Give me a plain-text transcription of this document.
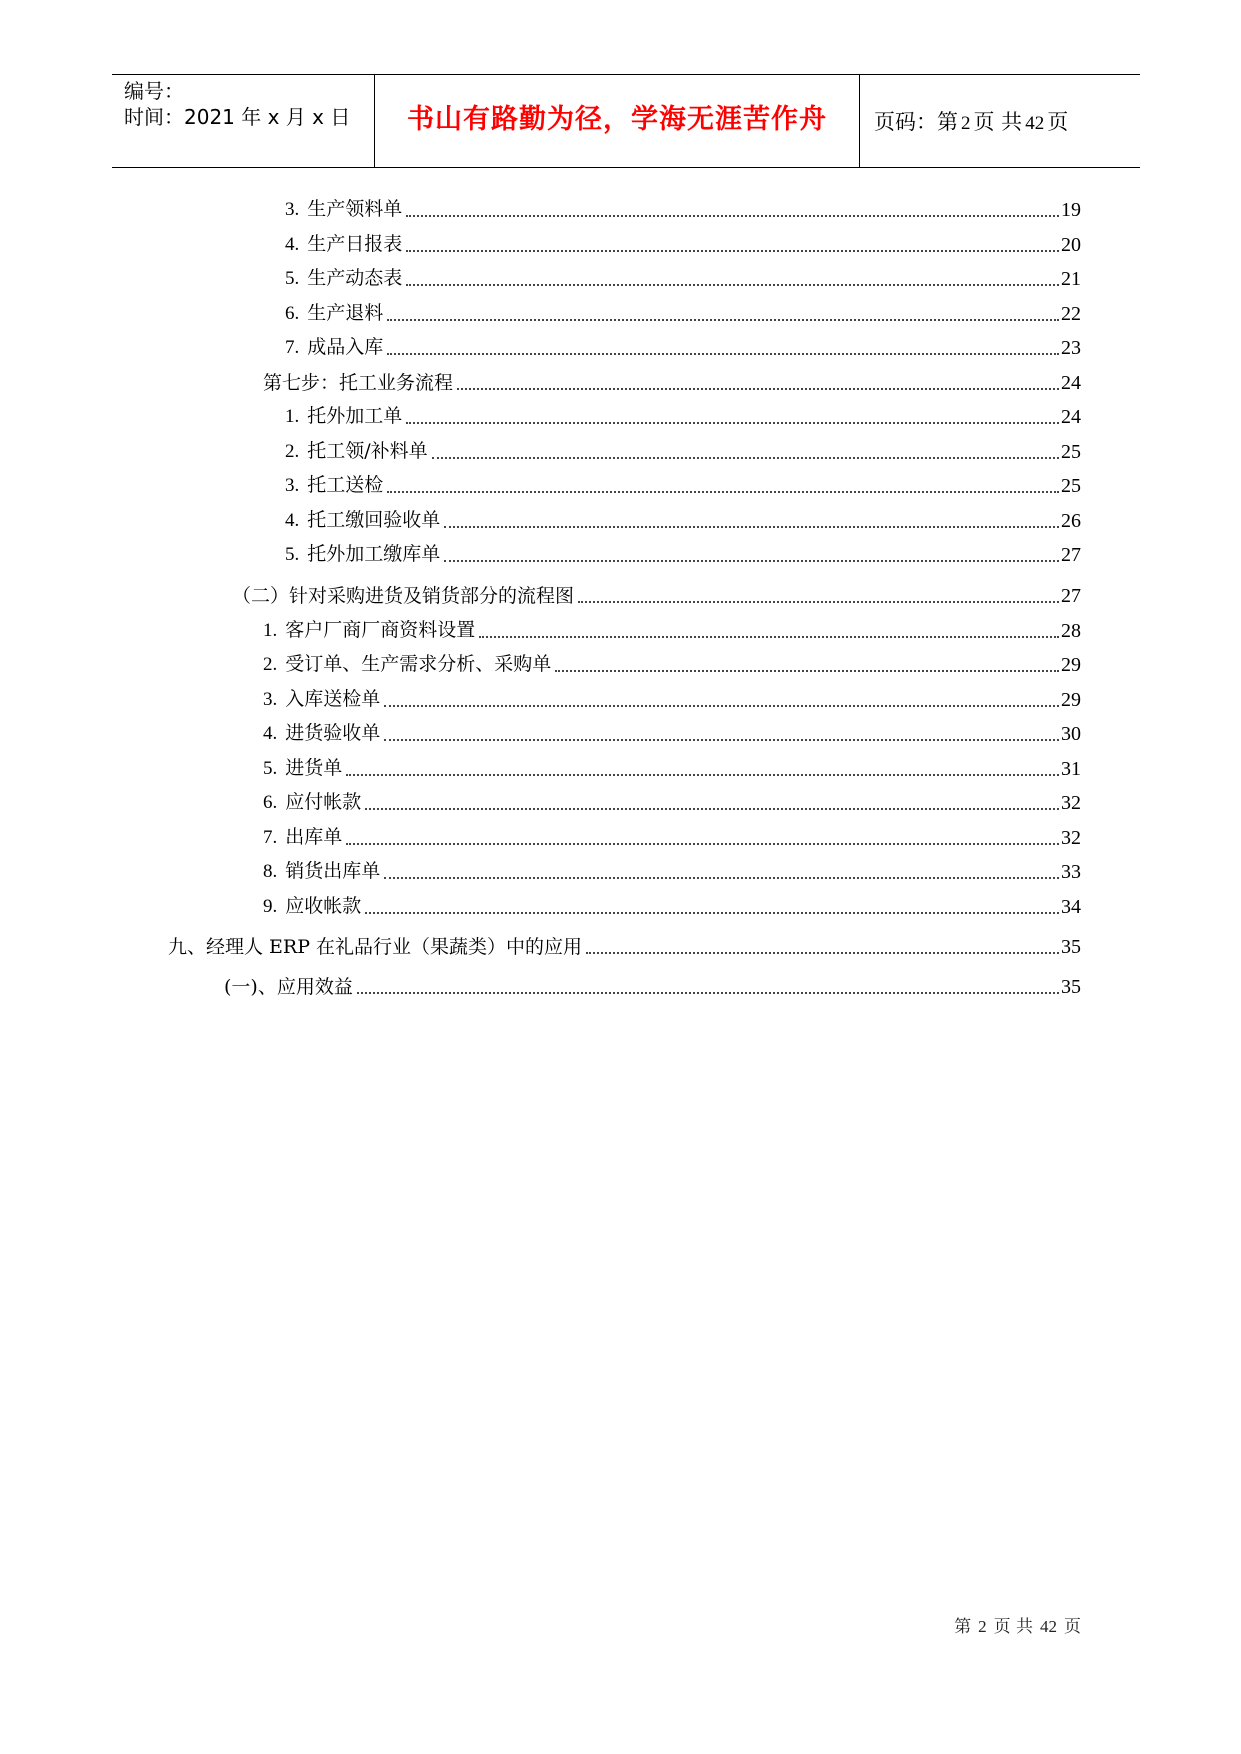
编号：
时间：2021 年 x 月 x 日	书山有路勤为径，学海无涯苦作舟	页码：第 2 页 共 42 页
3. 生产领料单	19
4. 生产日报表	20
5. 生产动态表	21
6. 生产退料	22
7. 成品入库	23
第七步：托工业务流程	24
1. 托外加工单	24
2. 托工领/补料单	25
3. 托工送检	25
4. 托工缴回验收单	26
5. 托外加工缴库单	27
（二）针对采购进货及销货部分的流程图	27
1. 客户厂商厂商资料设置	28
2. 受订单、生产需求分析、采购单	29
3. 入库送检单	29
4. 进货验收单	30
5. 进货单	31
6. 应付帐款	32
7. 出库单	32
8. 销货出库单	33
9. 应收帐款	34
九、经理人 ERP 在礼品行业（果蔬类）中的应用	35
(一)、应用效益	35
第 2 页 共 42 页
